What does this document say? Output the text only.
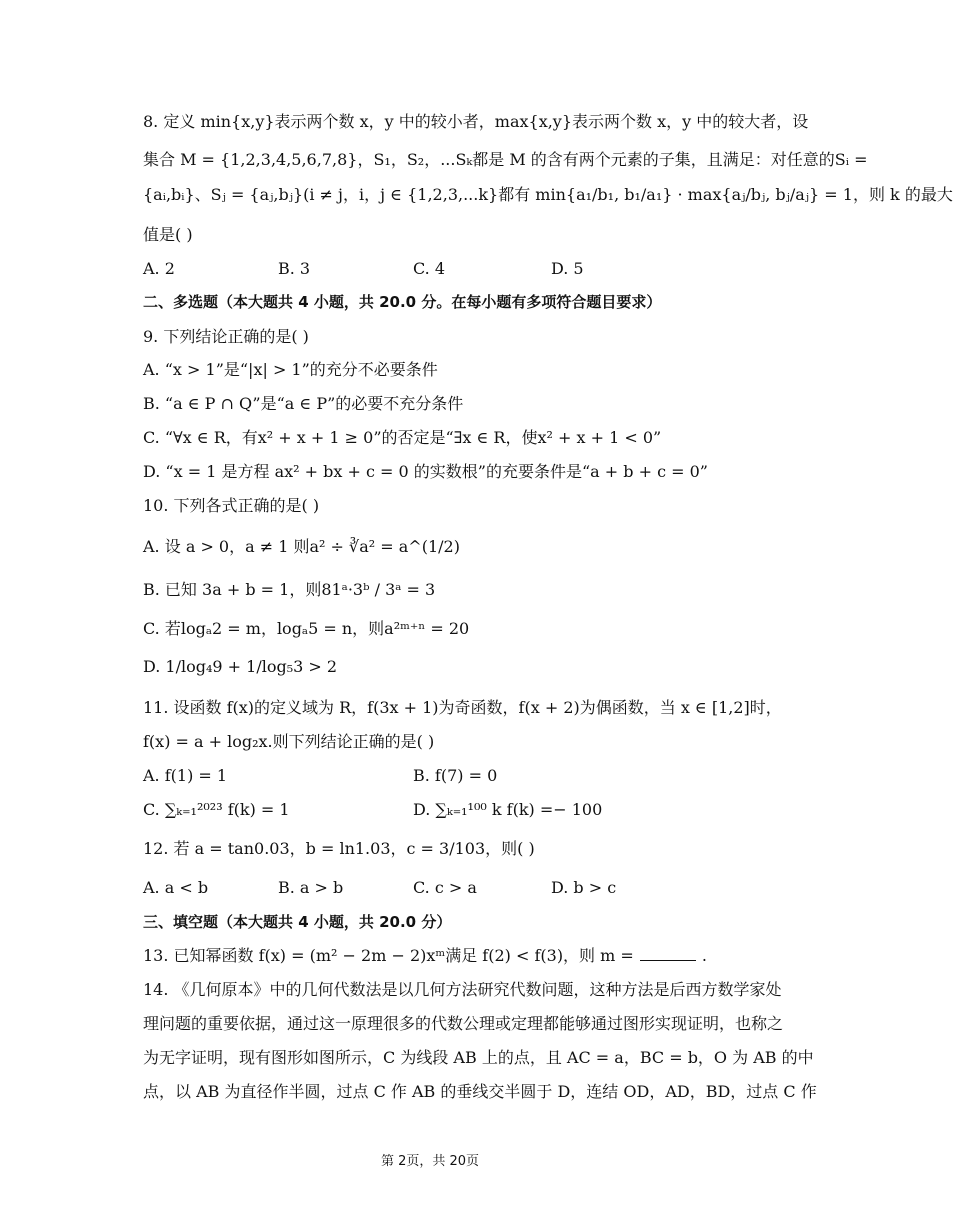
8. 定义 min{x,y}表示两个数 x，y 中的较小者，max{x,y}表示两个数 x，y 中的较大者，设
集合 M = {1,2,3,4,5,6,7,8}，S₁，S₂，...Sₖ都是 M 的含有两个元素的子集，且满足：对任意的Sᵢ =
{aᵢ,bᵢ}、Sⱼ = {aⱼ,bⱼ}(i ≠ j，i，j ∈ {1,2,3,...k}都有 min{a₁/b₁, b₁/a₁} · max{aⱼ/bⱼ, bⱼ/aⱼ} = 1，则 k 的最大
值是( )
A. 2	B. 3	C. 4	D. 5
二、多选题（本大题共 4 小题，共 20.0 分。在每小题有多项符合题目要求）
9. 下列结论正确的是( )
A. “x > 1”是“|x| > 1”的充分不必要条件
B. “a ∈ P ∩ Q”是“a ∈ P”的必要不充分条件
C. “∀x ∈ R，有x² + x + 1 ≥ 0”的否定是“∃x ∈ R，使x² + x + 1 < 0”
D. “x = 1 是方程 ax² + bx + c = 0 的实数根”的充要条件是“a + b + c = 0”
10. 下列各式正确的是( )
A. 设 a > 0，a ≠ 1 则a² ÷ ∛a² = a^(1/2)
B. 已知 3a + b = 1，则81ᵃ·3ᵇ / 3ᵃ = 3
C. 若logₐ2 = m，logₐ5 = n，则a²ᵐ⁺ⁿ = 20
D. 1/log₄9 + 1/log₅3 > 2
11. 设函数 f(x)的定义域为 R，f(3x + 1)为奇函数，f(x + 2)为偶函数，当 x ∈ [1,2]时，
f(x) = a + log₂x.则下列结论正确的是( )
A. f(1) = 1	B. f(7) = 0
C. ∑ₖ₌₁²⁰²³ f(k) = 1	D. ∑ₖ₌₁¹⁰⁰ k f(k) =− 100
12. 若 a = tan0.03，b = ln1.03，c = 3/103，则( )
A. a < b	B. a > b	C. c > a	D. b > c
三、填空题（本大题共 4 小题，共 20.0 分）
13. 已知幂函数 f(x) = (m² − 2m − 2)xᵐ满足 f(2) < f(3)，则 m =	.
14. 《几何原本》中的几何代数法是以几何方法研究代数问题，这种方法是后西方数学家处
理问题的重要依据，通过这一原理很多的代数公理或定理都能够通过图形实现证明，也称之
为无字证明，现有图形如图所示，C 为线段 AB 上的点，且 AC = a，BC = b，O 为 AB 的中
点，以 AB 为直径作半圆，过点 C 作 AB 的垂线交半圆于 D，连结 OD，AD，BD，过点 C 作
第 2页，共 20页
